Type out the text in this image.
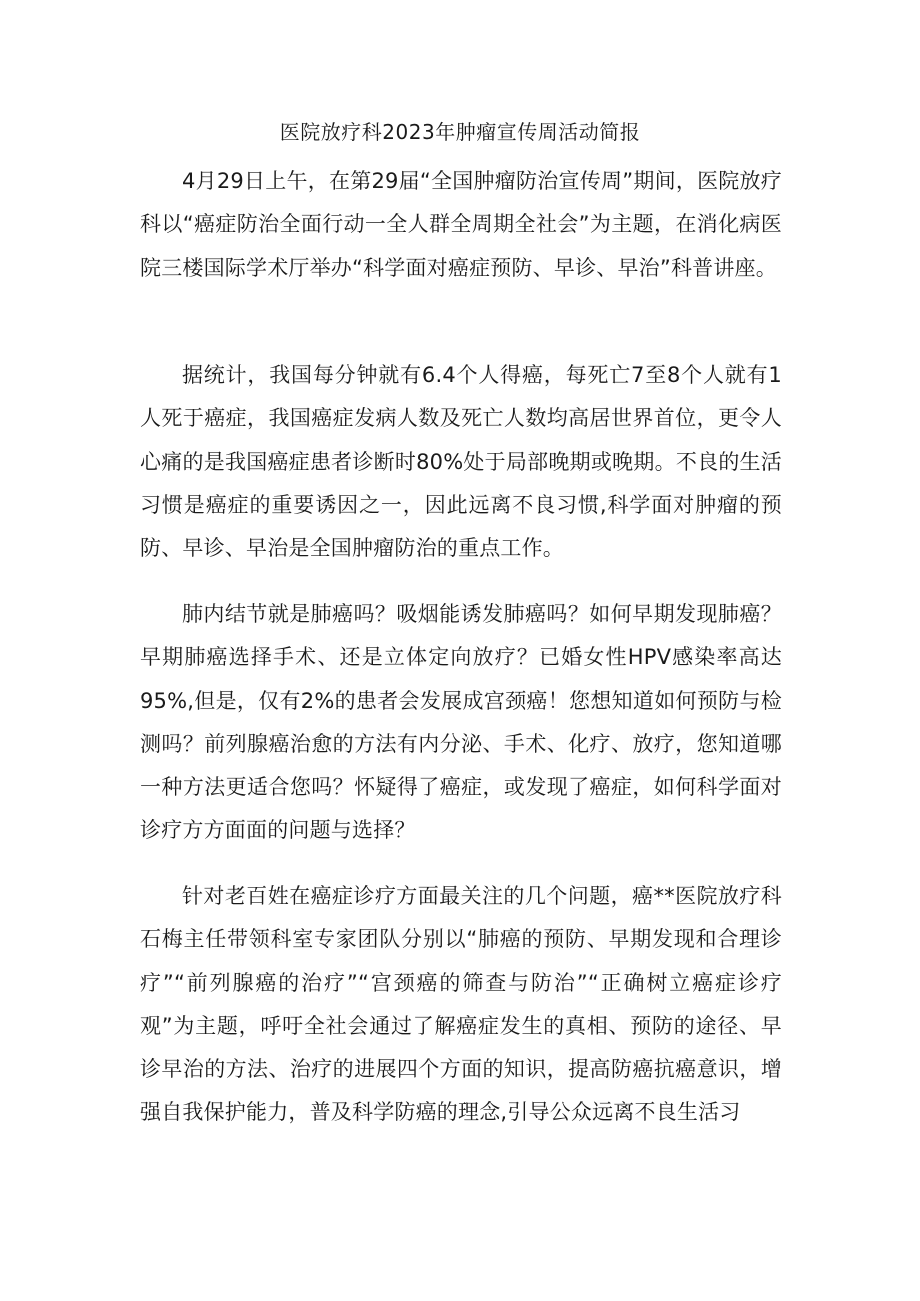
医院放疗科2023年肿瘤宣传周活动简报

4月29日上午，在第29届“全国肿瘤防治宣传周”期间，医院放疗科以“癌症防治全面行动一全人群全周期全社会”为主题，在消化病医院三楼国际学术厅举办“科学面对癌症预防、早诊、早治”科普讲座。

据统计，我国每分钟就有6.4个人得癌，每死亡7至8个人就有1人死于癌症，我国癌症发病人数及死亡人数均高居世界首位，更令人心痛的是我国癌症患者诊断时80%处于局部晚期或晚期。不良的生活习惯是癌症的重要诱因之一，因此远离不良习惯,科学面对肿瘤的预防、早诊、早治是全国肿瘤防治的重点工作。

肺内结节就是肺癌吗？吸烟能诱发肺癌吗？如何早期发现肺癌？早期肺癌选择手术、还是立体定向放疗？已婚女性HPV感染率高达95%,但是，仅有2%的患者会发展成宫颈癌！您想知道如何预防与检测吗？前列腺癌治愈的方法有内分泌、手术、化疗、放疗，您知道哪一种方法更适合您吗？怀疑得了癌症，或发现了癌症，如何科学面对诊疗方方面面的问题与选择？

针对老百姓在癌症诊疗方面最关注的几个问题，癌**医院放疗科石梅主任带领科室专家团队分别以“肺癌的预防、早期发现和合理诊疗”“前列腺癌的治疗”“宫颈癌的筛查与防治”“正确树立癌症诊疗观”为主题，呼吁全社会通过了解癌症发生的真相、预防的途径、早诊早治的方法、治疗的进展四个方面的知识，提高防癌抗癌意识，增强自我保护能力，普及科学防癌的理念,引导公众远离不良生活习
